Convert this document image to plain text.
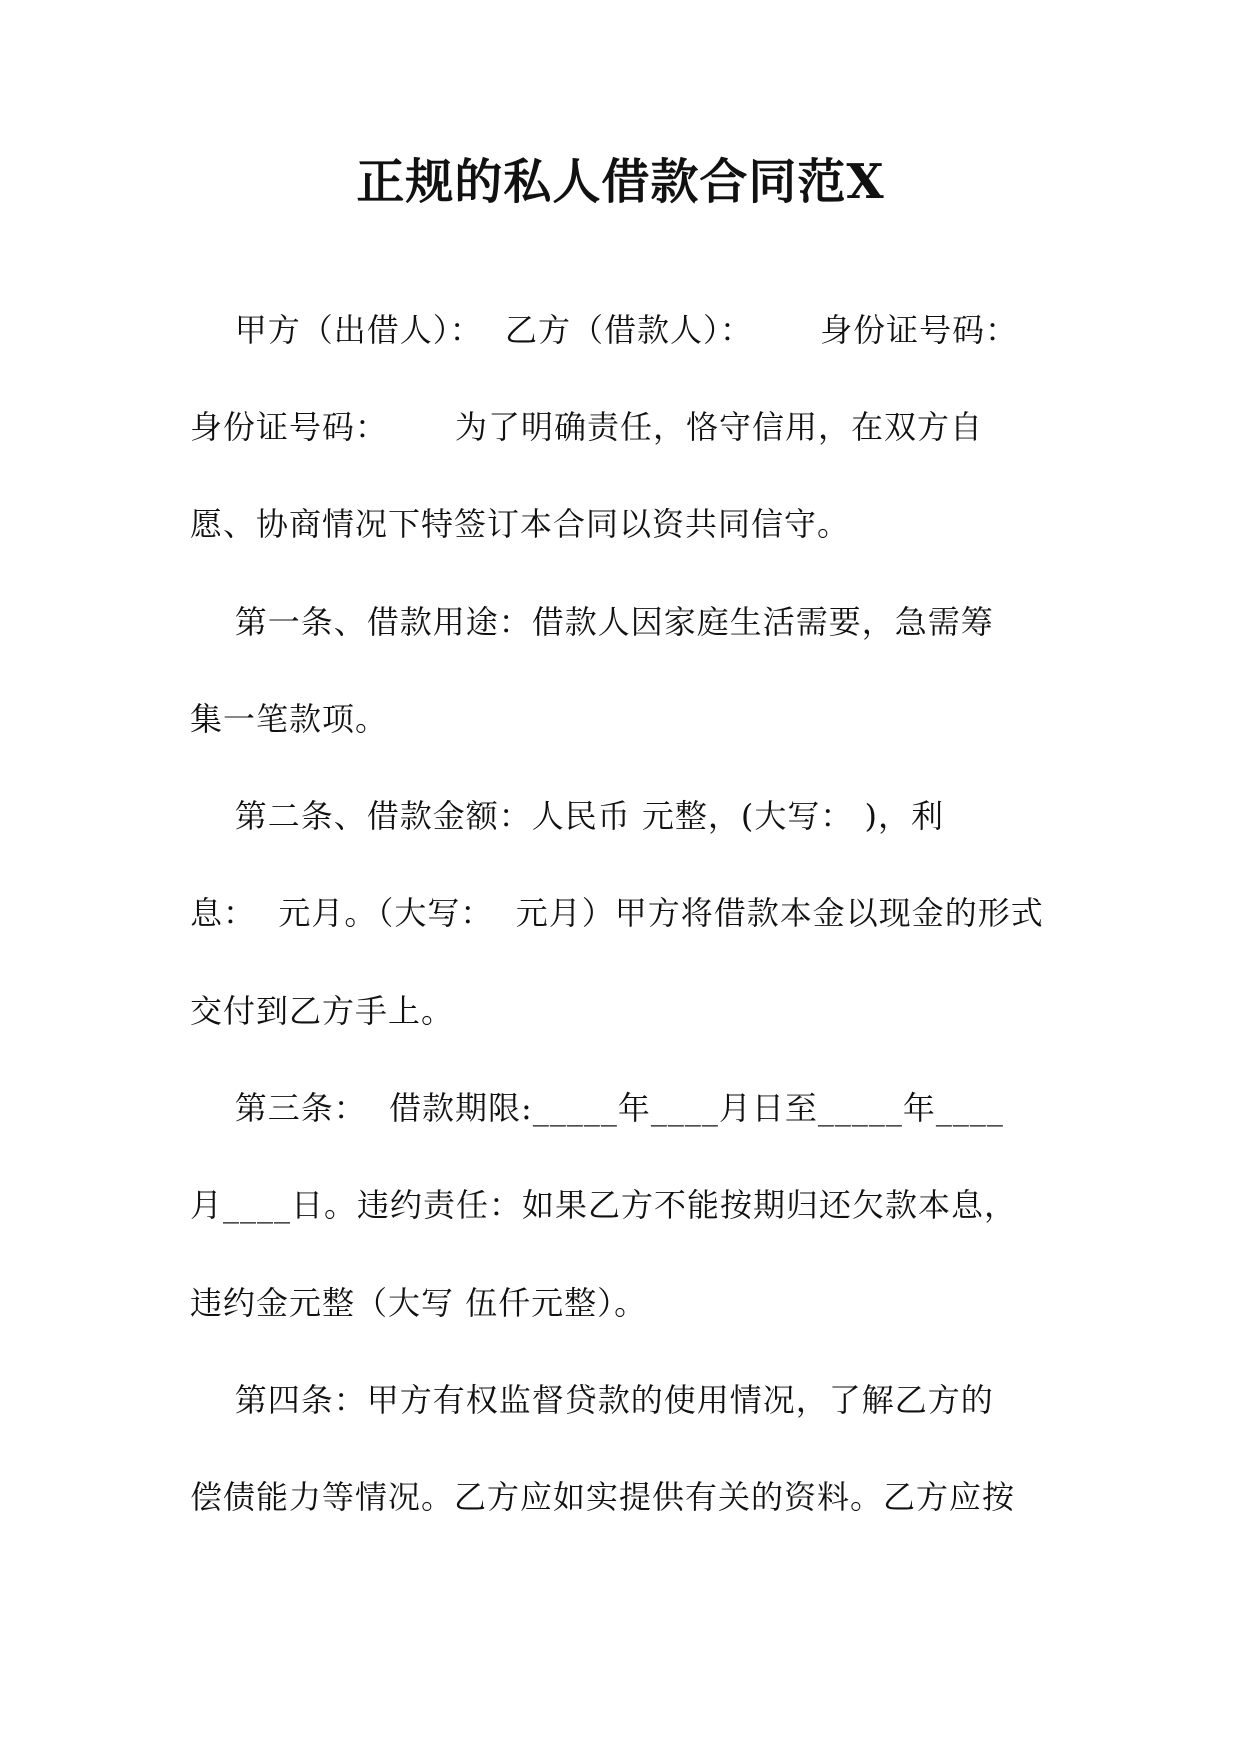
正规的私人借款合同范X
甲方（出借人）：  乙方（借款人）：      身份证号码：
身份证号码：      为了明确责任，恪守信用，在双方自
愿、协商情况下特签订本合同以资共同信守。
第一条、借款用途：借款人因家庭生活需要，急需筹
集一笔款项。
第二条、借款金额：人民币 元整，(大写： )，利
息：  元月。（大写：  元月）甲方将借款本金以现金的形式
交付到乙方手上。
第三条：  借款期限:_____年____月日至_____年____
月____日。违约责任：如果乙方不能按期归还欠款本息，
违约金元整（大写 伍仟元整）。
第四条：甲方有权监督贷款的使用情况，了解乙方的
偿债能力等情况。乙方应如实提供有关的资料。乙方应按
